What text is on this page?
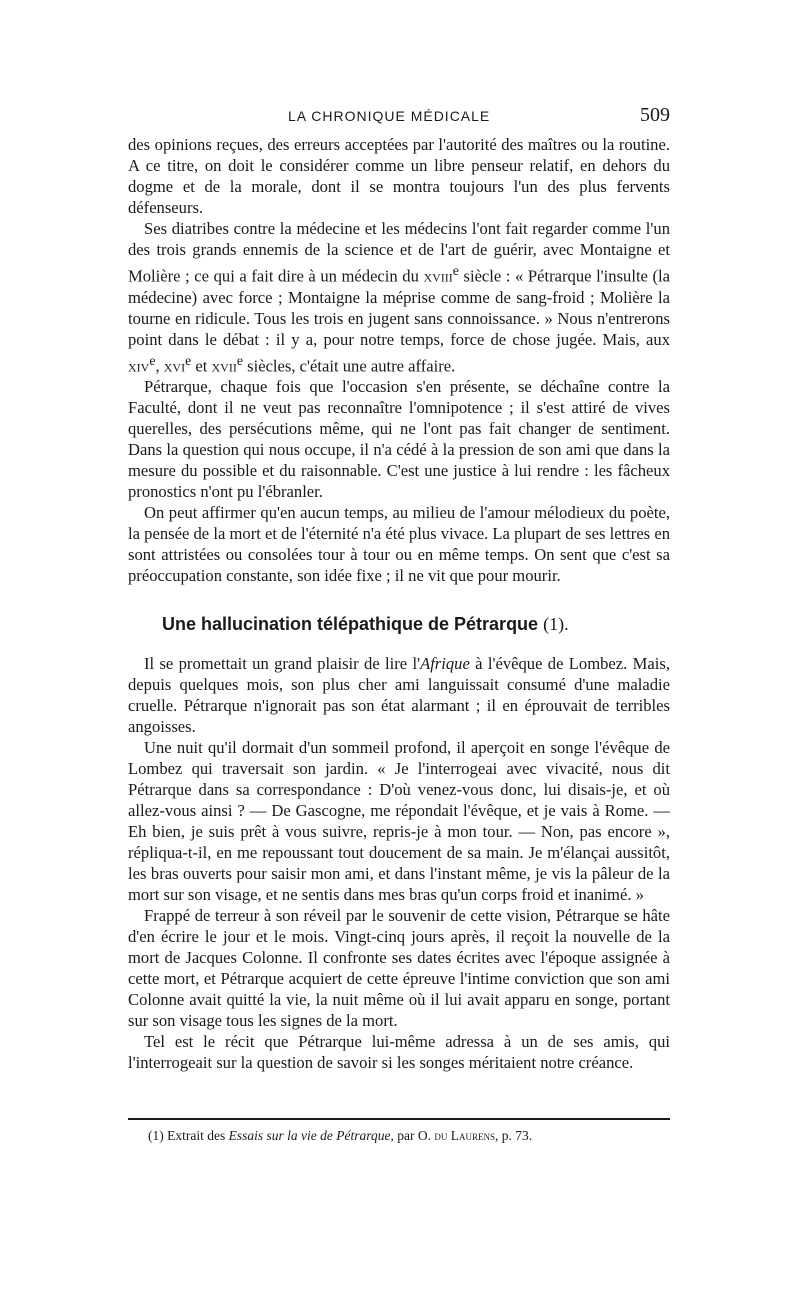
LA CHRONIQUE MÉDICALE	509

des opinions reçues, des erreurs acceptées par l'autorité des maîtres ou la routine. A ce titre, on doit le considérer comme un libre penseur relatif, en dehors du dogme et de la morale, dont il se montra toujours l'un des plus fervents défenseurs.

Ses diatribes contre la médecine et les médecins l'ont fait regarder comme l'un des trois grands ennemis de la science et de l'art de guérir, avec Montaigne et Molière ; ce qui a fait dire à un médecin du xviii$^e$ siècle : « Pétrarque l'insulte (la médecine) avec force ; Montaigne la méprise comme de sang-froid ; Molière la tourne en ridicule. Tous les trois en jugent sans connoissance. » Nous n'entrerons point dans le débat : il y a, pour notre temps, force de chose jugée. Mais, aux xiv$^e$, xvi$^e$ et xvii$^e$ siècles, c'était une autre affaire.

Pétrarque, chaque fois que l'occasion s'en présente, se déchaîne contre la Faculté, dont il ne veut pas reconnaître l'omnipotence ; il s'est attiré de vives querelles, des persécutions même, qui ne l'ont pas fait changer de sentiment. Dans la question qui nous occupe, il n'a cédé à la pression de son ami que dans la mesure du possible et du raisonnable. C'est une justice à lui rendre : les fâcheux pronostics n'ont pu l'ébranler.

On peut affirmer qu'en aucun temps, au milieu de l'amour mélodieux du poète, la pensée de la mort et de l'éternité n'a été plus vivace. La plupart de ses lettres en sont attristées ou consolées tour à tour ou en même temps. On sent que c'est sa préoccupation constante, son idée fixe ; il ne vit que pour mourir.

Une hallucination télépathique de Pétrarque (1).

Il se promettait un grand plaisir de lire l'Afrique à l'évêque de Lombez. Mais, depuis quelques mois, son plus cher ami languissait consumé d'une maladie cruelle. Pétrarque n'ignorait pas son état alarmant ; il en éprouvait de terribles angoisses.

Une nuit qu'il dormait d'un sommeil profond, il aperçoit en songe l'évêque de Lombez qui traversait son jardin. « Je l'interrogeai avec vivacité, nous dit Pétrarque dans sa correspondance : D'où venez-vous donc, lui disais-je, et où allez-vous ainsi ? — De Gascogne, me répondait l'évêque, et je vais à Rome. — Eh bien, je suis prêt à vous suivre, repris-je à mon tour. — Non, pas encore », répliqua-t-il, en me repoussant tout doucement de sa main. Je m'élançai aussitôt, les bras ouverts pour saisir mon ami, et dans l'instant même, je vis la pâleur de la mort sur son visage, et ne sentis dans mes bras qu'un corps froid et inanimé. »

Frappé de terreur à son réveil par le souvenir de cette vision, Pétrarque se hâte d'en écrire le jour et le mois. Vingt-cinq jours après, il reçoit la nouvelle de la mort de Jacques Colonne. Il confronte ses dates écrites avec l'époque assignée à cette mort, et Pétrarque acquiert de cette épreuve l'intime conviction que son ami Colonne avait quitté la vie, la nuit même où il lui avait apparu en songe, portant sur son visage tous les signes de la mort.

Tel est le récit que Pétrarque lui-même adressa à un de ses amis, qui l'interrogeait sur la question de savoir si les songes méritaient notre créance.

(1) Extrait des Essais sur la vie de Pétrarque, par O. du Laurens, p. 73.
